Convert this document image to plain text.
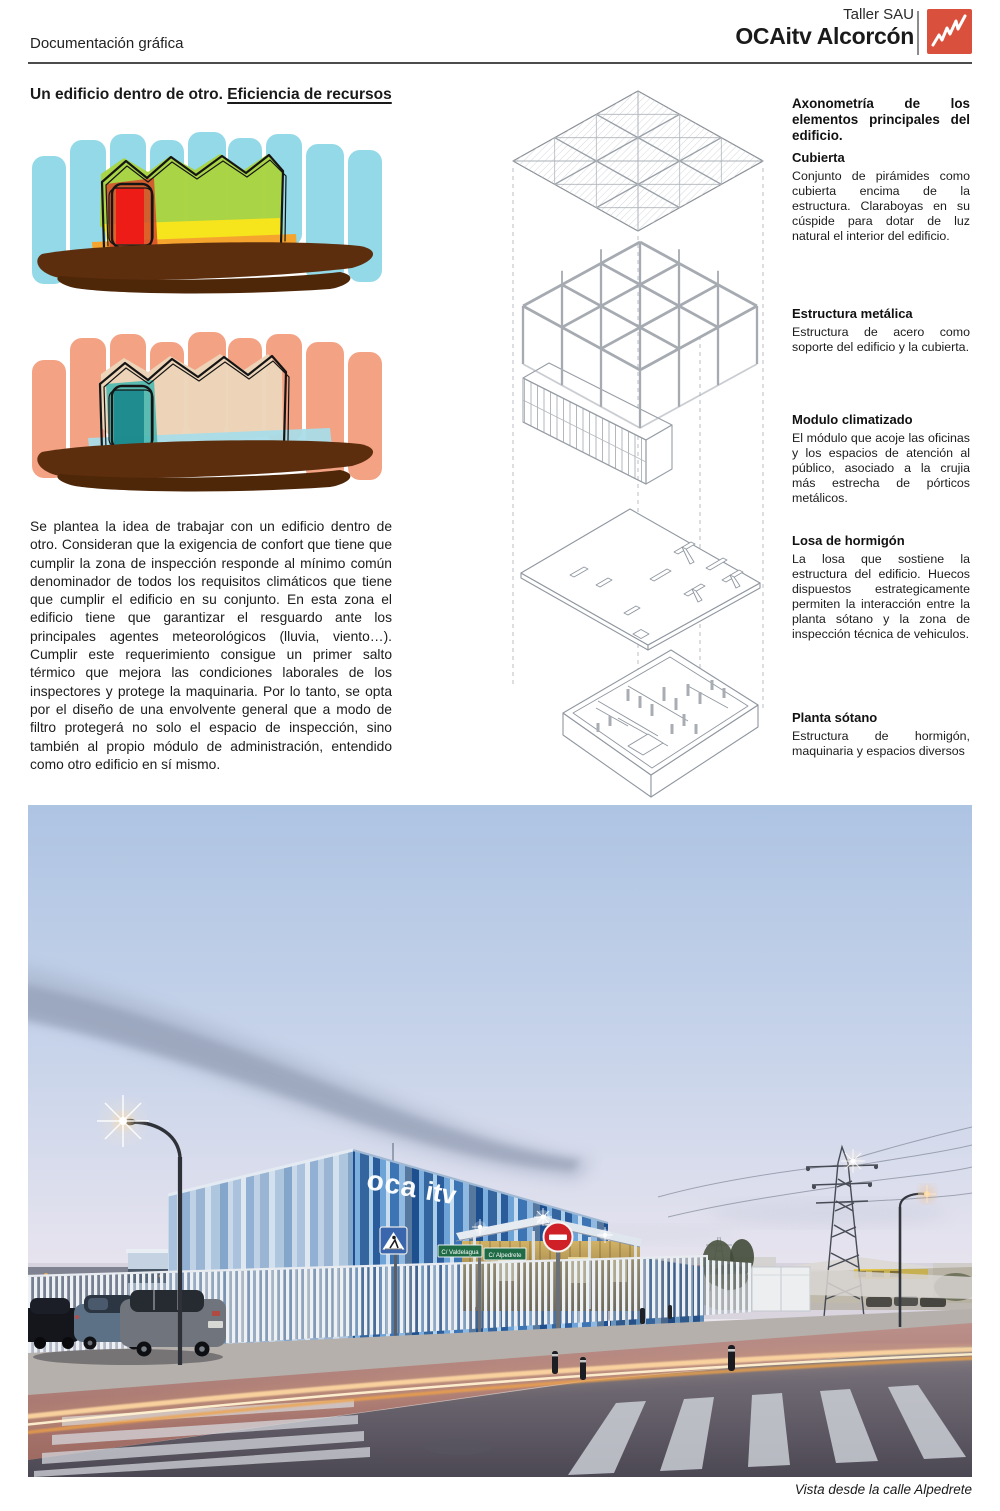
Documentación gráfica
Taller SAU
OCAitv Alcorcón
Un edificio dentro de otro. Eficiencia de recursos
Se plantea la idea de trabajar con un edificio dentro de otro. Consideran que la exigencia de confort que tiene que cumplir la zona de inspección responde al mínimo común denominador de todos los requisitos climáticos que tiene que cumplir el edificio en su conjunto. En esta zona el edificio tiene que garantizar el resguardo ante los principales agentes meteorológicos (lluvia, viento…). Cumplir este requerimiento consigue un primer salto térmico que mejora las condiciones laborales de los inspectores y protege la maquinaria. Por lo tanto, se opta por el diseño de una envolvente general que a modo de filtro protegerá no solo el espacio de inspección, sino también al propio módulo de administración, entendido como otro edificio en sí mismo.
Axonometría de los elementos principales del edificio.
Cubierta

Conjunto de pirámides como cubierta encima de la estructura. Claraboyas en su cúspide para dotar de luz natural el interior del edificio.

Estructura metálica

Estructura de acero como soporte del edificio y la cubierta.

Modulo climatizado

El módulo que acoje las oficinas y los espacios de atención al público, asociado a la crujia más estrecha de pórticos metálicos.

Losa de hormigón

La losa que sostiene la estructura del edificio. Huecos dispuestos estrategicamente permiten la interacción entre la planta sótano y la zona de inspección técnica de vehiculos.

Planta sótano

Estructura de hormigón, maquinaria y espacios diversos

oca itv
C/ Valdelagua C/ Alpedrete
Vista desde la calle Alpedrete
